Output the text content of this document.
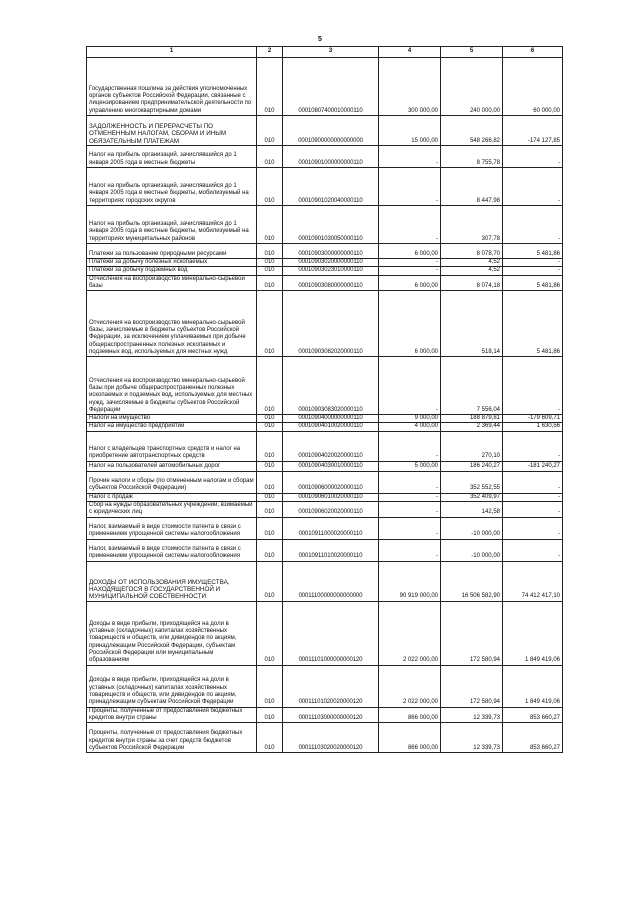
5
1	2	3	4	5	6
Государственная пошлина за действия уполномоченных органов субъектов Российской Федерации, связанные с лицензированием предпринимательской деятельности по управлению многоквартирными домами	010	00010807400010000110	300 000,00	240 000,00	60 000,00
ЗАДОЛЖЕННОСТЬ И ПЕРЕРАСЧЕТЫ ПО ОТМЕНЕННЫМ НАЛОГАМ, СБОРАМ И ИНЫМ ОБЯЗАТЕЛЬНЫМ ПЛАТЕЖАМ	010	00010900000000000000	15 000,00	548 266,82	-174 127,85
Налог на прибыль организаций, зачислявшийся до 1 января 2005 года в местные бюджеты	010	00010901000000000110	-	8 755,78	-
Налог на прибыль организаций, зачислявшийся до 1 января 2005 года в местные бюджеты, мобилизуемый на территориях городских округов	010	00010901020040000110	-	8 447,98	-
Налог на прибыль организаций, зачислявшийся до 1 января 2005 года в местные бюджеты, мобилизуемый на территориях муниципальных районов	010	00010901030050000110	-	307,78	-
Платежи за пользование природными ресурсами	010	00010903000000000110	6 000,00	8 078,70	5 481,86
Платежи за добычу полезных ископаемых	010	00010903020000000110	-	4,52	-
Платежи за добычу подземных вод	010	00010903023010000110	-	4,52	-
Отчисления на воспроизводство минерально-сырьевой базы	010	00010903080000000110	6 000,00	8 074,18	5 481,86
Отчисления на воспроизводство минерально-сырьевой базы, зачисляемые в бюджеты субъектов Российской Федерации, за исключением уплачиваемых при добыче общераспространенных полезных ископаемых и подземных вод, используемых для местных нужд	010	00010903082020000110	6 000,00	518,14	5 481,86
Отчисления на воспроизводство минерально-сырьевой базы при добыче общераспространенных полезных ископаемых и подземных вод, используемых для местных нужд, зачисляемые в бюджеты субъектов Российской Федерации	010	00010903083020000110	-	7 556,04	-
Налоги на имущество	010	00010904000000000110	9 000,00	188 879,81	-179 609,71
Налог на имущество предприятий	010	00010904010020000110	4 000,00	2 369,44	1 630,56
Налог с владельцев транспортных средств и налог на приобретение автотранспортных средств	010	00010904020020000110	-	270,10	-
Налог на пользователей автомобильных дорог	010	00010904030010000110	5 000,00	186 240,27	-181 240,27
Прочие налоги и сборы (по отмененным налогам и сборам субъектов Российской Федерации)	010	00010906000020000110	-	352 552,55	-
Налог с продаж	010	00010906010020000110	-	352 409,97	-
Сбор на нужды образовательных учреждений, взимаемый с юридических лиц	010	00010906020020000110	-	142,58	-
Налог, взимаемый в виде стоимости патента в связи с применением упрощенной системы налогообложения	010	00010911000020000110	-	-10 000,00	-
Налог, взимаемый в виде стоимости патента в связи с применением упрощенной системы налогообложения	010	00010911010020000110	-	-10 000,00	-
ДОХОДЫ ОТ ИСПОЛЬЗОВАНИЯ ИМУЩЕСТВА, НАХОДЯЩЕГОСЯ В ГОСУДАРСТВЕННОЙ И МУНИЦИПАЛЬНОЙ СОБСТВЕННОСТИ	010	00011100000000000000	90 919 000,00	16 506 582,90	74 412 417,10
Доходы в виде прибыли, приходящейся на доли в уставных (складочных) капиталах хозяйственных товариществ и обществ, или дивидендов по акциям, принадлежащим Российской Федерации, субъектам Российской Федерации или муниципальным образованиям	010	00011101000000000120	2 022 000,00	172 580,94	1 849 419,06
Доходы в виде прибыли, приходящейся на доли в уставных (складочных) капиталах хозяйственных товариществ и обществ, или дивидендов по акциям, принадлежащим субъектам Российской Федерации	010	00011101020020000120	2 022 000,00	172 580,94	1 849 419,06
Проценты, полученные от предоставления бюджетных кредитов внутри страны	010	00011103000000000120	866 000,00	12 339,73	853 660,27
Проценты, полученные от предоставления бюджетных кредитов внутри страны за счет средств бюджетов субъектов Российской Федерации	010	00011103020020000120	866 000,00	12 339,73	853 660,27
